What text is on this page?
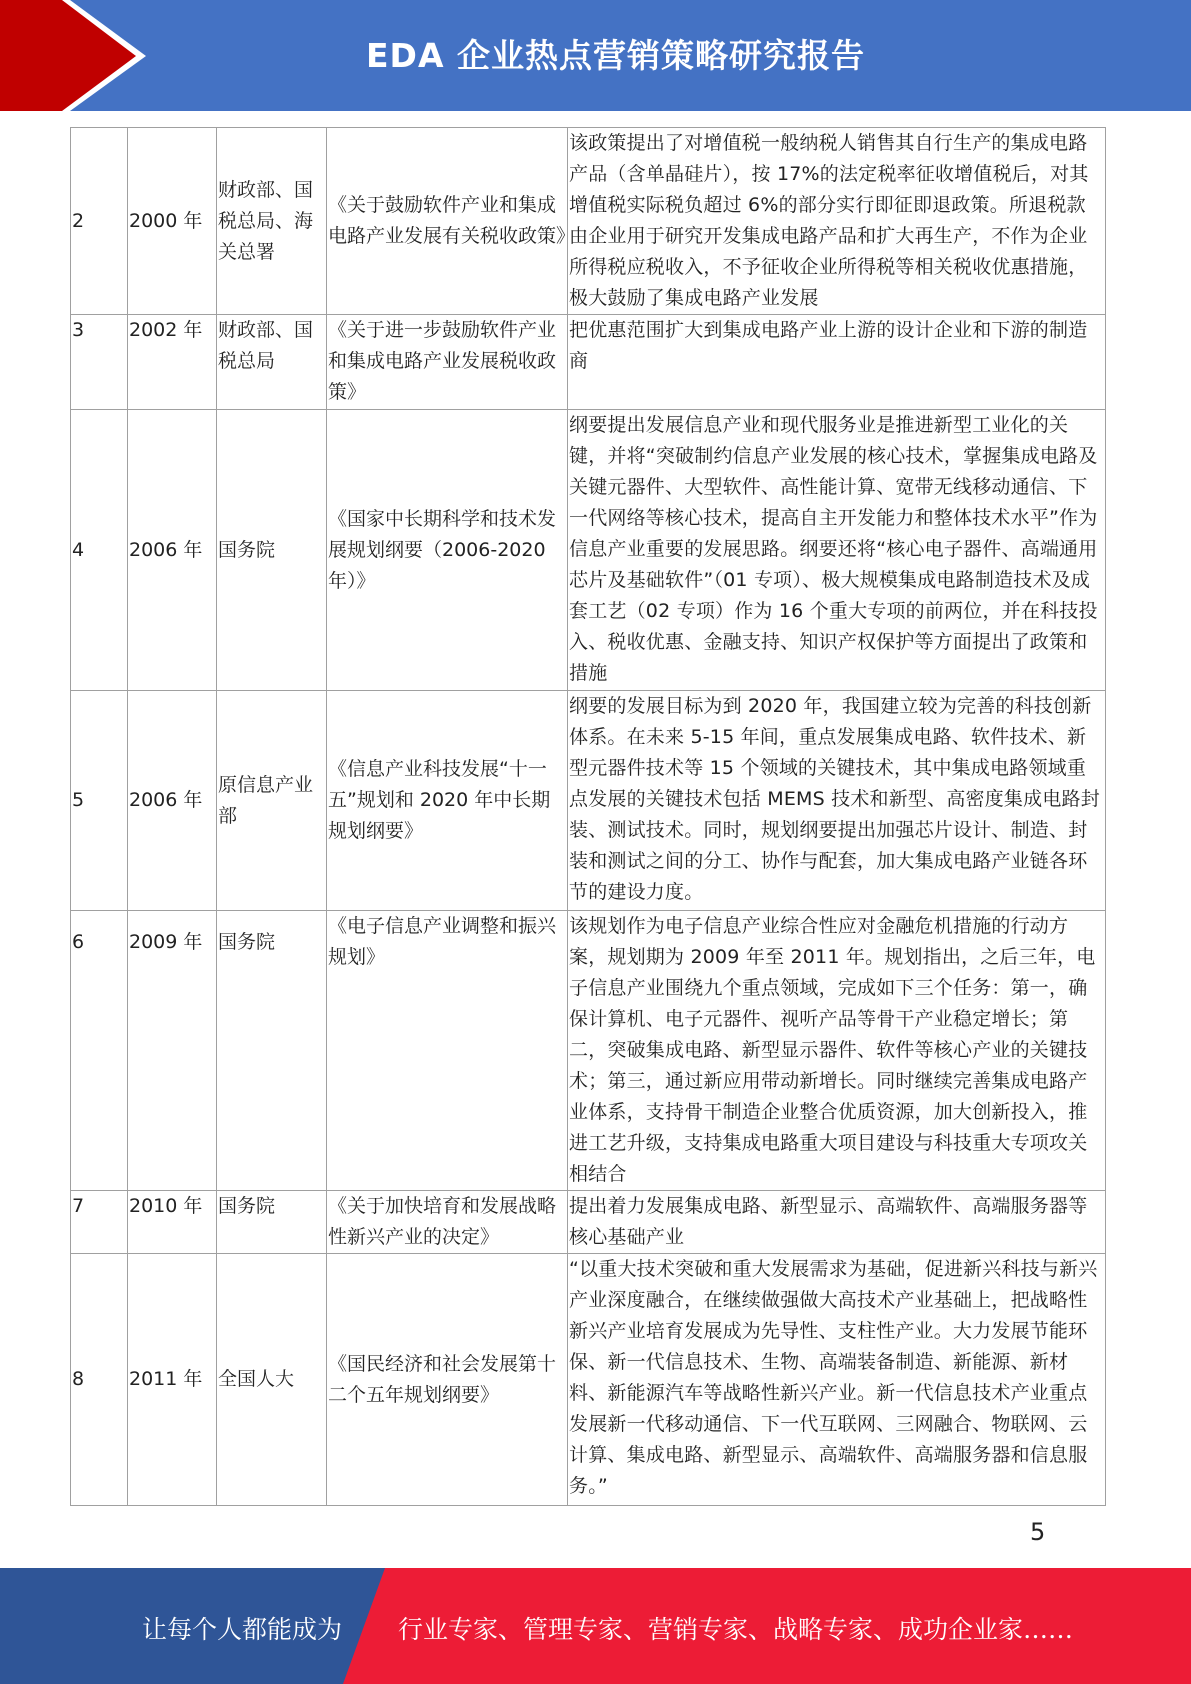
EDA 企业热点营销策略研究报告
2	2000 年	财政部、国税总局、海关总署	《关于鼓励软件产业和集成电路产业发展有关税收政策》	该政策提出了对增值税一般纳税人销售其自行生产的集成电路产品（含单晶硅片），按 17%的法定税率征收增值税后，对其增值税实际税负超过 6%的部分实行即征即退政策。所退税款由企业用于研究开发集成电路产品和扩大再生产，不作为企业所得税应税收入，不予征收企业所得税等相关税收优惠措施，极大鼓励了集成电路产业发展
3	2002 年	财政部、国税总局	《关于进一步鼓励软件产业和集成电路产业发展税收政策》	把优惠范围扩大到集成电路产业上游的设计企业和下游的制造商
4	2006 年	国务院	《国家中长期科学和技术发展规划纲要（2006-2020 年）》	纲要提出发展信息产业和现代服务业是推进新型工业化的关键，并将“突破制约信息产业发展的核心技术，掌握集成电路及关键元器件、大型软件、高性能计算、宽带无线移动通信、下一代网络等核心技术，提高自主开发能力和整体技术水平”作为信息产业重要的发展思路。纲要还将“核心电子器件、高端通用芯片及基础软件”（01 专项）、极大规模集成电路制造技术及成套工艺（02 专项）作为 16 个重大专项的前两位，并在科技投入、税收优惠、金融支持、知识产权保护等方面提出了政策和措施
5	2006 年	原信息产业部	《信息产业科技发展“十一五”规划和 2020 年中长期规划纲要》	纲要的发展目标为到 2020 年，我国建立较为完善的科技创新体系。在未来 5-15 年间，重点发展集成电路、软件技术、新型元器件技术等 15 个领域的关键技术，其中集成电路领域重点发展的关键技术包括 MEMS 技术和新型、高密度集成电路封装、测试技术。同时，规划纲要提出加强芯片设计、制造、封装和测试之间的分工、协作与配套，加大集成电路产业链各环节的建设力度。
6	2009 年	国务院	《电子信息产业调整和振兴规划》	该规划作为电子信息产业综合性应对金融危机措施的行动方案，规划期为 2009 年至 2011 年。规划指出，之后三年，电子信息产业围绕九个重点领域，完成如下三个任务：第一，确保计算机、电子元器件、视听产品等骨干产业稳定增长；第二，突破集成电路、新型显示器件、软件等核心产业的关键技术；第三，通过新应用带动新增长。同时继续完善集成电路产业体系，支持骨干制造企业整合优质资源，加大创新投入，推进工艺升级，支持集成电路重大项目建设与科技重大专项攻关相结合
7	2010 年	国务院	《关于加快培育和发展战略性新兴产业的决定》	提出着力发展集成电路、新型显示、高端软件、高端服务器等核心基础产业
8	2011 年	全国人大	《国民经济和社会发展第十二个五年规划纲要》	“以重大技术突破和重大发展需求为基础，促进新兴科技与新兴产业深度融合，在继续做强做大高技术产业基础上，把战略性新兴产业培育发展成为先导性、支柱性产业。大力发展节能环保、新一代信息技术、生物、高端装备制造、新能源、新材料、新能源汽车等战略性新兴产业。新一代信息技术产业重点发展新一代移动通信、下一代互联网、三网融合、物联网、云计算、集成电路、新型显示、高端软件、高端服务器和信息服务。”
5
让每个人都能成为 行业专家、管理专家、营销专家、战略专家、成功企业家……
